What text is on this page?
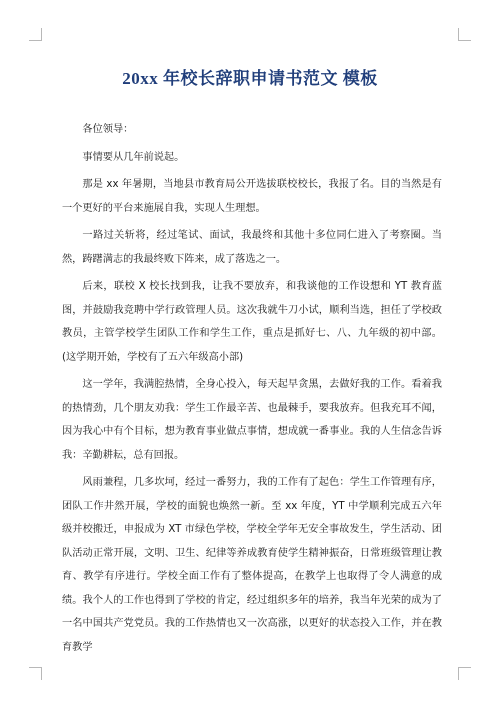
20xx 年校长辞职申请书范文 模板

各位领导：

事情要从几年前说起。

那是 xx 年暑期，当地县市教育局公开选拔联校校长，我报了名。目的当然是有一个更好的平台来施展自我，实现人生理想。

一路过关斩将，经过笔试、面试，我最终和其他十多位同仁进入了考察圈。当然，踌躇满志的我最终败下阵来，成了落选之一。

后来，联校 X 校长找到我，让我不要放弃，和我谈他的工作设想和 YT 教育蓝图，并鼓励我竞聘中学行政管理人员。这次我就牛刀小试，顺利当选，担任了学校政教员，主管学校学生团队工作和学生工作，重点是抓好七、八、九年级的初中部。(这学期开始，学校有了五六年级高小部)

这一学年，我满腔热情，全身心投入，每天起早贪黑，去做好我的工作。看着我的热情劲，几个朋友劝我：学生工作最辛苦、也最棘手，要我放弃。但我充耳不闻，因为我心中有个目标，想为教育事业做点事情，想成就一番事业。我的人生信念告诉我：辛勤耕耘，总有回报。

风雨兼程，几多坎坷，经过一番努力，我的工作有了起色：学生工作管理有序，团队工作井然开展，学校的面貌也焕然一新。至 xx 年度，YT 中学顺利完成五六年级并校搬迁，申报成为 XT 市绿色学校，学校全学年无安全事故发生，学生活动、团队活动正常开展，文明、卫生、纪律等养成教育使学生精神振奋，日常班级管理让教育、教学有序进行。学校全面工作有了整体提高，在教学上也取得了令人满意的成绩。我个人的工作也得到了学校的肯定，经过组织多年的培养，我当年光荣的成为了一名中国共产党党员。我的工作热情也又一次高涨，以更好的状态投入工作，并在教育教学
